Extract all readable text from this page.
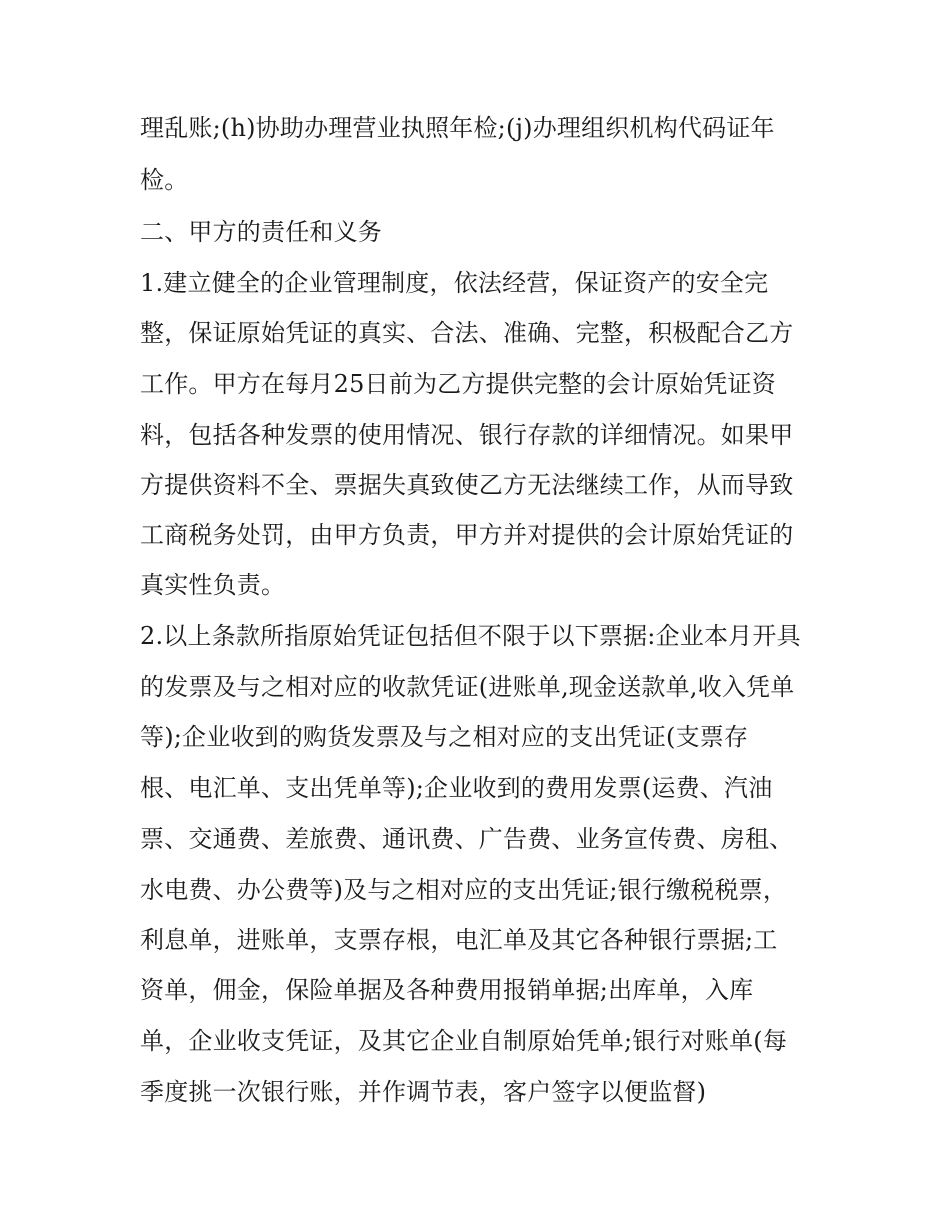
理乱账;(h)协助办理营业执照年检;(j)办理组织机构代码证年
检。
二、甲方的责任和义务
1.建立健全的企业管理制度，依法经营，保证资产的安全完
整，保证原始凭证的真实、合法、准确、完整，积极配合乙方
工作。甲方在每月25日前为乙方提供完整的会计原始凭证资
料，包括各种发票的使用情况、银行存款的详细情况。如果甲
方提供资料不全、票据失真致使乙方无法继续工作，从而导致
工商税务处罚，由甲方负责，甲方并对提供的会计原始凭证的
真实性负责。
2.以上条款所指原始凭证包括但不限于以下票据:企业本月开具
的发票及与之相对应的收款凭证(进账单,现金送款单,收入凭单
等);企业收到的购货发票及与之相对应的支出凭证(支票存
根、电汇单、支出凭单等);企业收到的费用发票(运费、汽油
票、交通费、差旅费、通讯费、广告费、业务宣传费、房租、
水电费、办公费等)及与之相对应的支出凭证;银行缴税税票，
利息单，进账单，支票存根，电汇单及其它各种银行票据;工
资单，佣金，保险单据及各种费用报销单据;出库单，入库
单，企业收支凭证，及其它企业自制原始凭单;银行对账单(每
季度挑一次银行账，并作调节表，客户签字以便监督)
